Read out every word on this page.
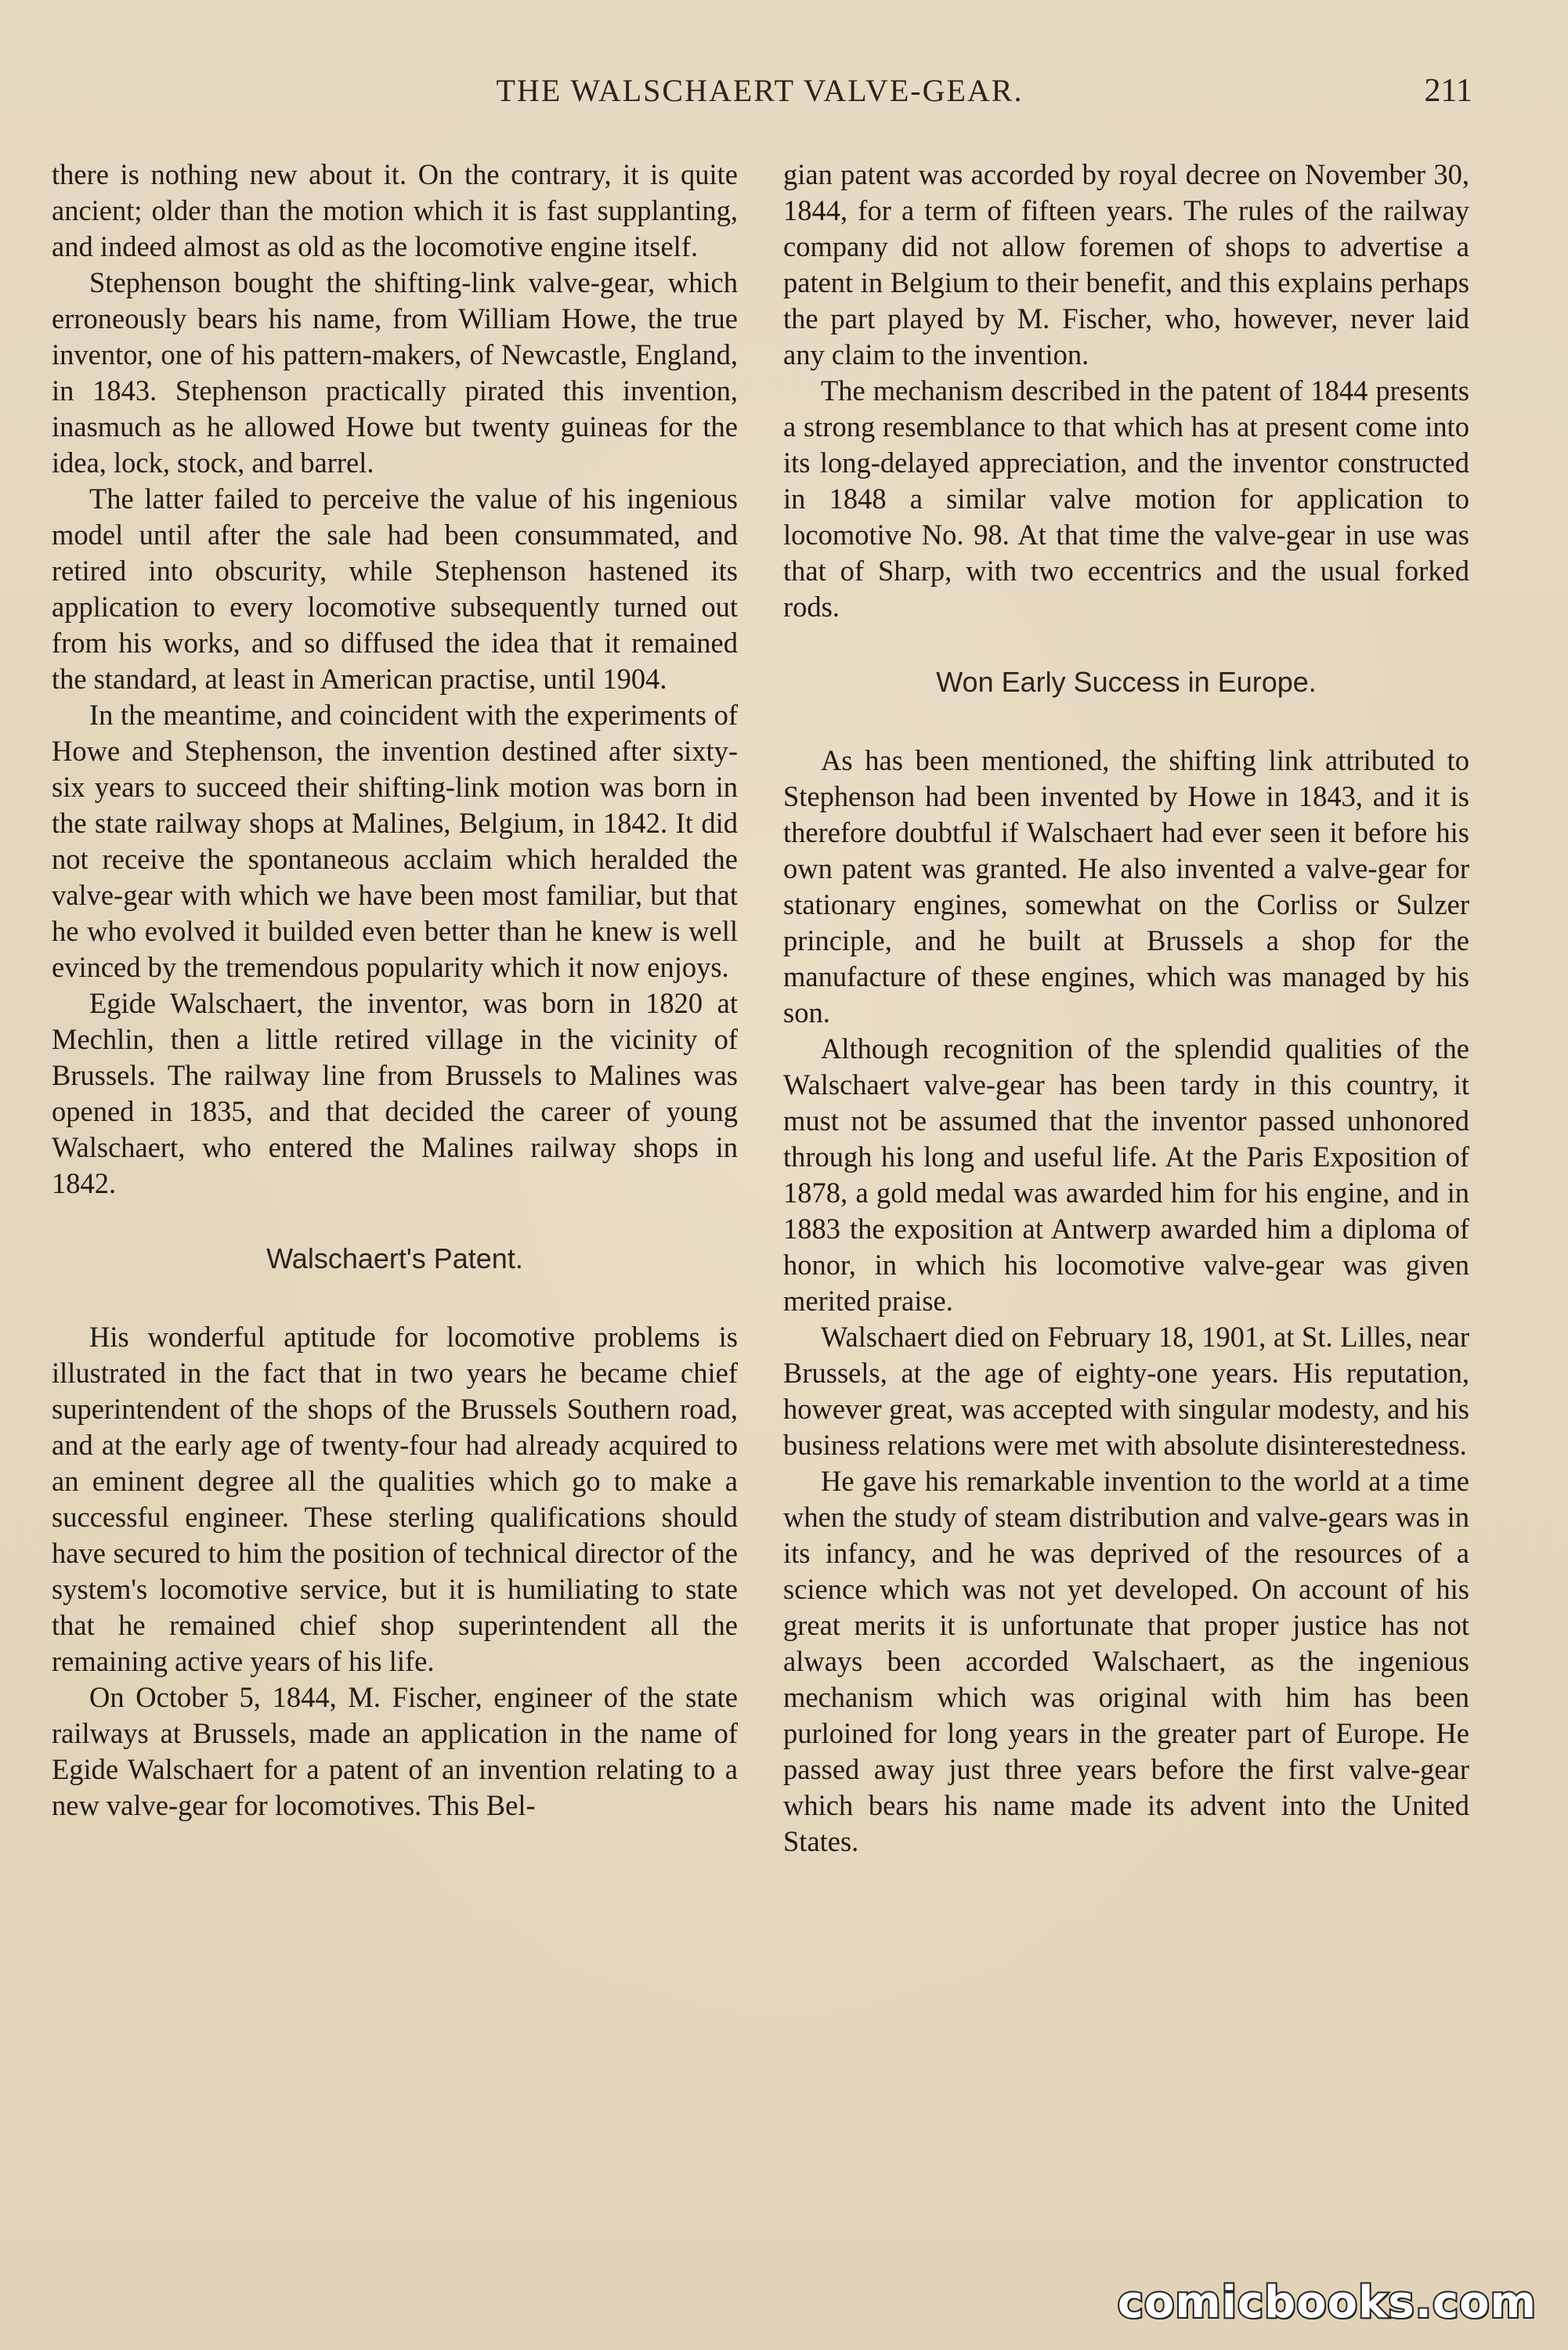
THE WALSCHAERT VALVE-GEAR.	211

there is nothing new about it. On the contrary, it is quite ancient; older than the motion which it is fast supplanting, and indeed almost as old as the locomotive engine itself.

Stephenson bought the shifting-link valve-gear, which erroneously bears his name, from William Howe, the true inventor, one of his pattern-makers, of Newcastle, England, in 1843. Stephenson practically pirated this invention, inasmuch as he allowed Howe but twenty guineas for the idea, lock, stock, and barrel.

The latter failed to perceive the value of his ingenious model until after the sale had been consummated, and retired into obscurity, while Stephenson hastened its application to every locomotive subsequently turned out from his works, and so diffused the idea that it remained the standard, at least in American practise, until 1904.

In the meantime, and coincident with the experiments of Howe and Stephenson, the invention destined after sixty-six years to succeed their shifting-link motion was born in the state railway shops at Malines, Belgium, in 1842. It did not receive the spontaneous acclaim which heralded the valve-gear with which we have been most familiar, but that he who evolved it builded even better than he knew is well evinced by the tremendous popularity which it now enjoys.

Egide Walschaert, the inventor, was born in 1820 at Mechlin, then a little retired village in the vicinity of Brussels. The railway line from Brussels to Malines was opened in 1835, and that decided the career of young Walschaert, who entered the Malines railway shops in 1842.

Walschaert's Patent.

His wonderful aptitude for locomotive problems is illustrated in the fact that in two years he became chief superintendent of the shops of the Brussels Southern road, and at the early age of twenty-four had already acquired to an eminent degree all the qualities which go to make a successful engineer. These sterling qualifications should have secured to him the position of technical director of the system's locomotive service, but it is humiliating to state that he remained chief shop superintendent all the remaining active years of his life.

On October 5, 1844, M. Fischer, engineer of the state railways at Brussels, made an application in the name of Egide Walschaert for a patent of an invention relating to a new valve-gear for locomotives. This Bel-

gian patent was accorded by royal decree on November 30, 1844, for a term of fifteen years. The rules of the railway company did not allow foremen of shops to advertise a patent in Belgium to their benefit, and this explains perhaps the part played by M. Fischer, who, however, never laid any claim to the invention.

The mechanism described in the patent of 1844 presents a strong resemblance to that which has at present come into its long-delayed appreciation, and the inventor constructed in 1848 a similar valve motion for application to locomotive No. 98. At that time the valve-gear in use was that of Sharp, with two eccentrics and the usual forked rods.

Won Early Success in Europe.

As has been mentioned, the shifting link attributed to Stephenson had been invented by Howe in 1843, and it is therefore doubtful if Walschaert had ever seen it before his own patent was granted. He also invented a valve-gear for stationary engines, somewhat on the Corliss or Sulzer principle, and he built at Brussels a shop for the manufacture of these engines, which was managed by his son.

Although recognition of the splendid qualities of the Walschaert valve-gear has been tardy in this country, it must not be assumed that the inventor passed unhonored through his long and useful life. At the Paris Exposition of 1878, a gold medal was awarded him for his engine, and in 1883 the exposition at Antwerp awarded him a diploma of honor, in which his locomotive valve-gear was given merited praise.

Walschaert died on February 18, 1901, at St. Lilles, near Brussels, at the age of eighty-one years. His reputation, however great, was accepted with singular modesty, and his business relations were met with absolute disinterestedness.

He gave his remarkable invention to the world at a time when the study of steam distribution and valve-gears was in its infancy, and he was deprived of the resources of a science which was not yet developed. On account of his great merits it is unfortunate that proper justice has not always been accorded Walschaert, as the ingenious mechanism which was original with him has been purloined for long years in the greater part of Europe. He passed away just three years before the first valve-gear which bears his name made its advent into the United States.

comicbooks.com
